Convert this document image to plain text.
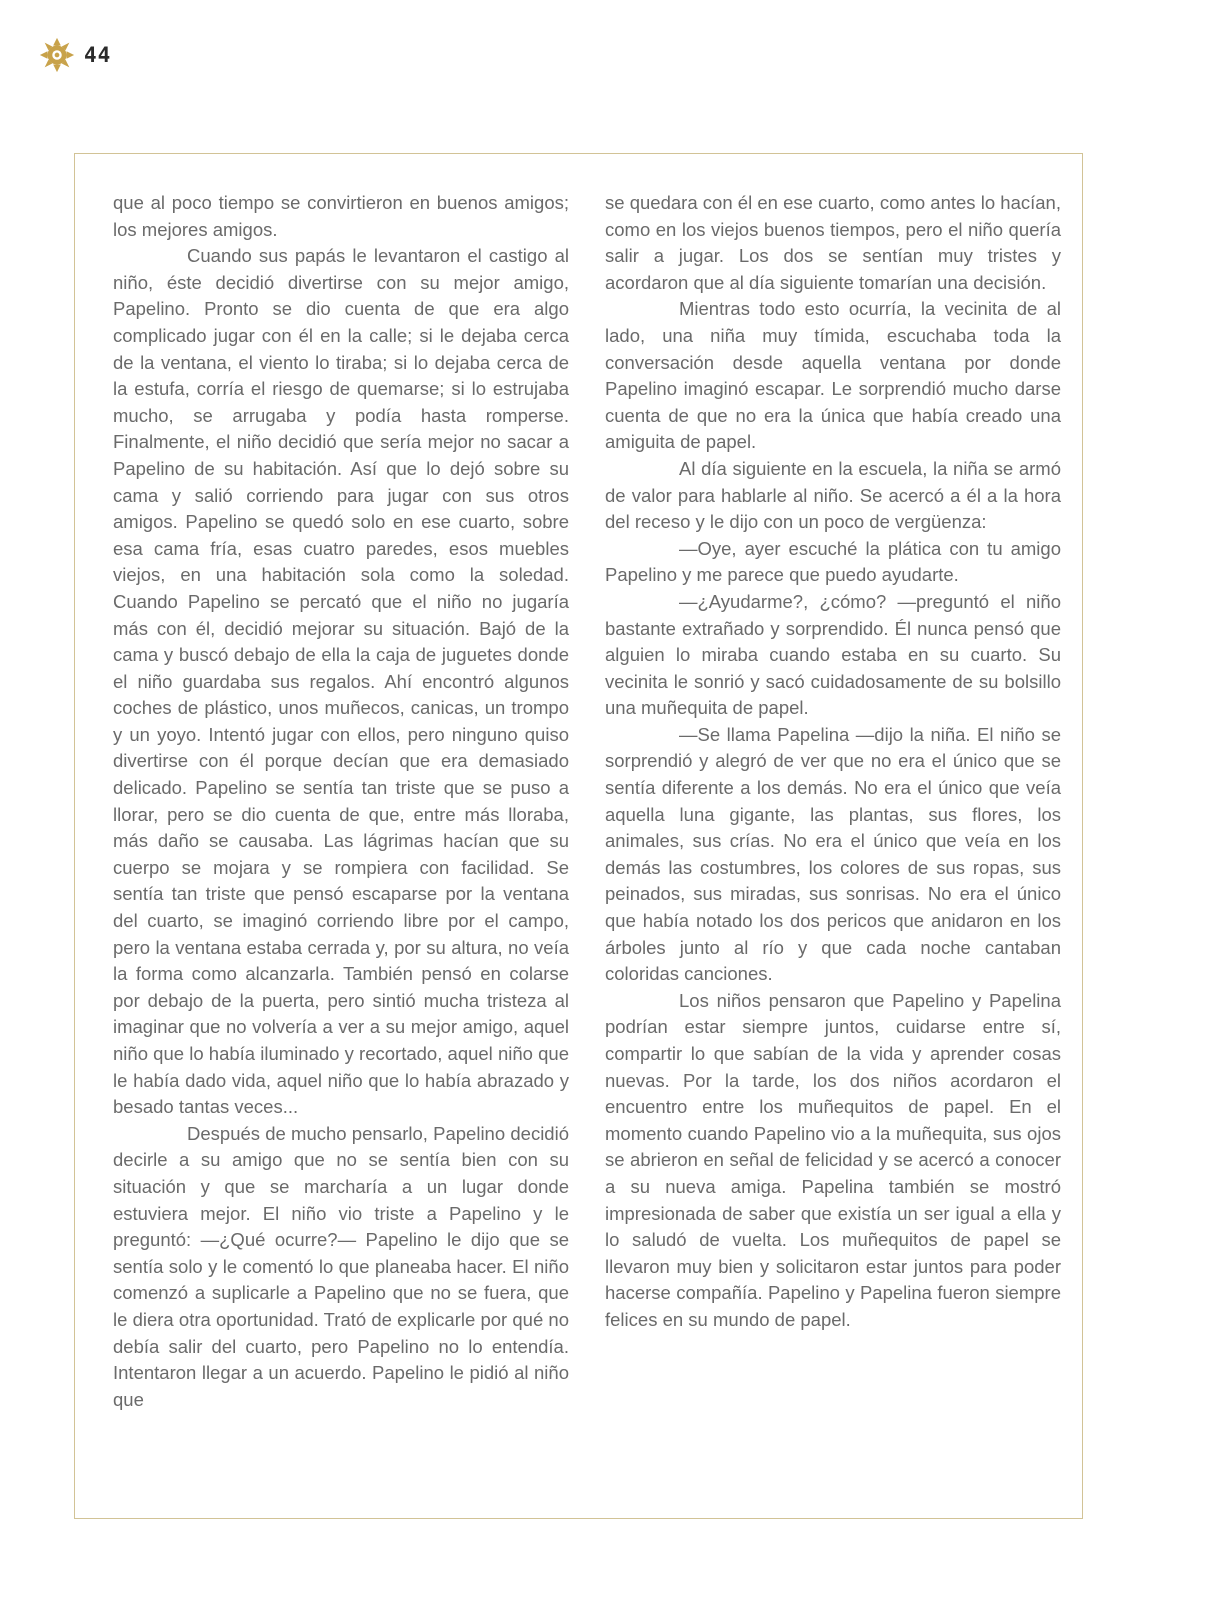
44

que al poco tiempo se convirtieron en buenos amigos; los mejores amigos.

Cuando sus papás le levantaron el castigo al niño, éste decidió divertirse con su mejor amigo, Papelino. Pronto se dio cuenta de que era algo complicado jugar con él en la calle; si le dejaba cerca de la ventana, el viento lo tiraba; si lo dejaba cerca de la estufa, corría el riesgo de quemarse; si lo estrujaba mucho, se arrugaba y podía hasta romperse. Finalmente, el niño decidió que sería mejor no sacar a Papelino de su habitación. Así que lo dejó sobre su cama y salió corriendo para jugar con sus otros amigos. Papelino se quedó solo en ese cuarto, sobre esa cama fría, esas cuatro paredes, esos muebles viejos, en una habitación sola como la soledad. Cuando Papelino se percató que el niño no jugaría más con él, decidió mejorar su situación. Bajó de la cama y buscó debajo de ella la caja de juguetes donde el niño guardaba sus regalos. Ahí encontró algunos coches de plástico, unos muñecos, canicas, un trompo y un yoyo. Intentó jugar con ellos, pero ninguno quiso divertirse con él porque decían que era demasiado delicado. Papelino se sentía tan triste que se puso a llorar, pero se dio cuenta de que, entre más lloraba, más daño se causaba. Las lágrimas hacían que su cuerpo se mojara y se rompiera con facilidad. Se sentía tan triste que pensó escaparse por la ventana del cuarto, se imaginó corriendo libre por el campo, pero la ventana estaba cerrada y, por su altura, no veía la forma como alcanzarla. También pensó en colarse por debajo de la puerta, pero sintió mucha tristeza al imaginar que no volvería a ver a su mejor amigo, aquel niño que lo había iluminado y recortado, aquel niño que le había dado vida, aquel niño que lo había abrazado y besado tantas veces...

Después de mucho pensarlo, Papelino decidió decirle a su amigo que no se sentía bien con su situación y que se marcharía a un lugar donde estuviera mejor. El niño vio triste a Papelino y le preguntó: —¿Qué ocurre?— Papelino le dijo que se sentía solo y le comentó lo que planeaba hacer. El niño comenzó a suplicarle a Papelino que no se fuera, que le diera otra oportunidad. Trató de explicarle por qué no debía salir del cuarto, pero Papelino no lo entendía. Intentaron llegar a un acuerdo. Papelino le pidió al niño que

se quedara con él en ese cuarto, como antes lo hacían, como en los viejos buenos tiempos, pero el niño quería salir a jugar. Los dos se sentían muy tristes y acordaron que al día siguiente tomarían una decisión.

Mientras todo esto ocurría, la vecinita de al lado, una niña muy tímida, escuchaba toda la conversación desde aquella ventana por donde Papelino imaginó escapar. Le sorprendió mucho darse cuenta de que no era la única que había creado una amiguita de papel.

Al día siguiente en la escuela, la niña se armó de valor para hablarle al niño. Se acercó a él a la hora del receso y le dijo con un poco de vergüenza:

—Oye, ayer escuché la plática con tu amigo Papelino y me parece que puedo ayudarte.

—¿Ayudarme?, ¿cómo? —preguntó el niño bastante extrañado y sorprendido. Él nunca pensó que alguien lo miraba cuando estaba en su cuarto. Su vecinita le sonrió y sacó cuidadosamente de su bolsillo una muñequita de papel.

—Se llama Papelina —dijo la niña. El niño se sorprendió y alegró de ver que no era el único que se sentía diferente a los demás. No era el único que veía aquella luna gigante, las plantas, sus flores, los animales, sus crías. No era el único que veía en los demás las costumbres, los colores de sus ropas, sus peinados, sus miradas, sus sonrisas. No era el único que había notado los dos pericos que anidaron en los árboles junto al río y que cada noche cantaban coloridas canciones.

Los niños pensaron que Papelino y Papelina podrían estar siempre juntos, cuidarse entre sí, compartir lo que sabían de la vida y aprender cosas nuevas. Por la tarde, los dos niños acordaron el encuentro entre los muñequitos de papel. En el momento cuando Papelino vio a la muñequita, sus ojos se abrieron en señal de felicidad y se acercó a conocer a su nueva amiga. Papelina también se mostró impresionada de saber que existía un ser igual a ella y lo saludó de vuelta. Los muñequitos de papel se llevaron muy bien y solicitaron estar juntos para poder hacerse compañía. Papelino y Papelina fueron siempre felices en su mundo de papel.
